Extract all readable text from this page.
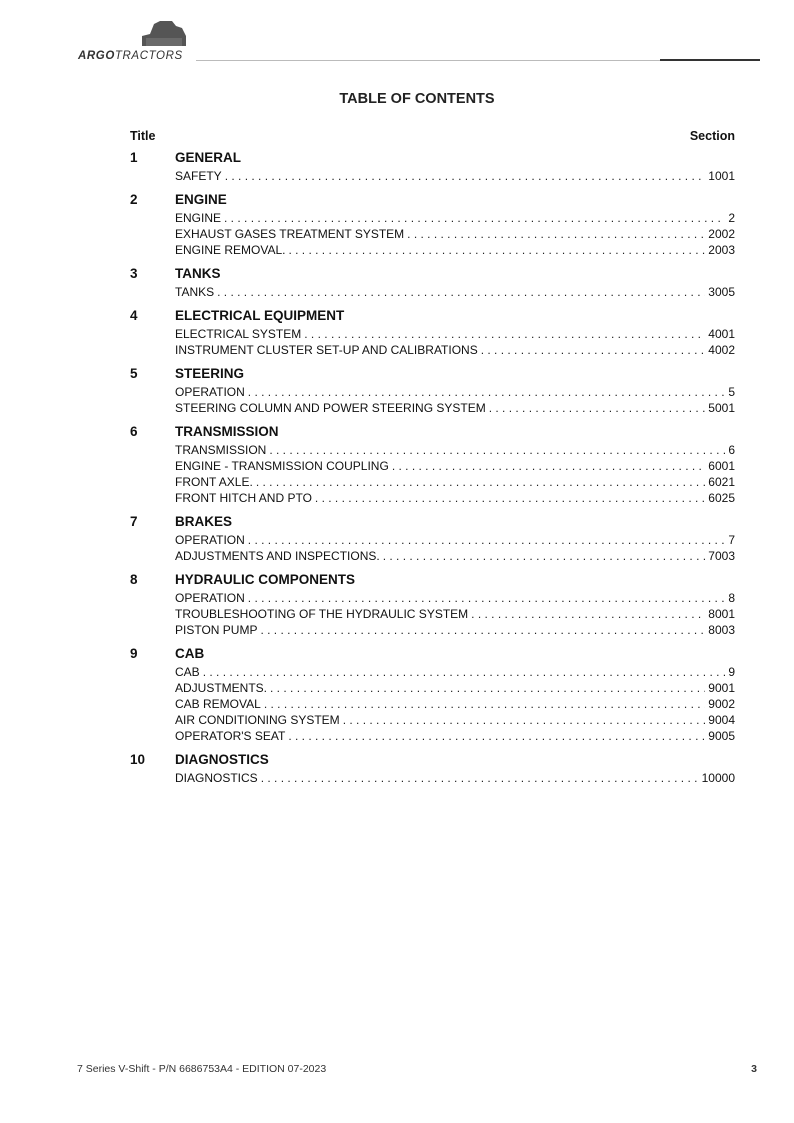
ARGOTRACTORS
TABLE OF CONTENTS
Title	Section
1	GENERAL
SAFETY . . .	1001
2	ENGINE
ENGINE . . .	2
EXHAUST GASES TREATMENT SYSTEM . . .	2002
ENGINE REMOVAL. . . .	2003
3	TANKS
TANKS . . .	3005
4	ELECTRICAL EQUIPMENT
ELECTRICAL SYSTEM . . .	4001
INSTRUMENT CLUSTER SET-UP AND CALIBRATIONS . . .	4002
5	STEERING
OPERATION . . .	5
STEERING COLUMN AND POWER STEERING SYSTEM . . .	5001
6	TRANSMISSION
TRANSMISSION . . .	6
ENGINE - TRANSMISSION COUPLING . . .	6001
FRONT AXLE. . . .	6021
FRONT HITCH AND PTO . . .	6025
7	BRAKES
OPERATION . . .	7
ADJUSTMENTS AND INSPECTIONS. . . .	7003
8	HYDRAULIC COMPONENTS
OPERATION . . .	8
TROUBLESHOOTING OF THE HYDRAULIC SYSTEM . . .	8001
PISTON PUMP . . .	8003
9	CAB
CAB . . .	9
ADJUSTMENTS. . . .	9001
CAB REMOVAL . . .	9002
AIR CONDITIONING SYSTEM . . .	9004
OPERATOR'S SEAT . . .	9005
10	DIAGNOSTICS
DIAGNOSTICS . . .	10000
7 Series V-Shift - P/N 6686753A4 - EDITION 07-2023	3
